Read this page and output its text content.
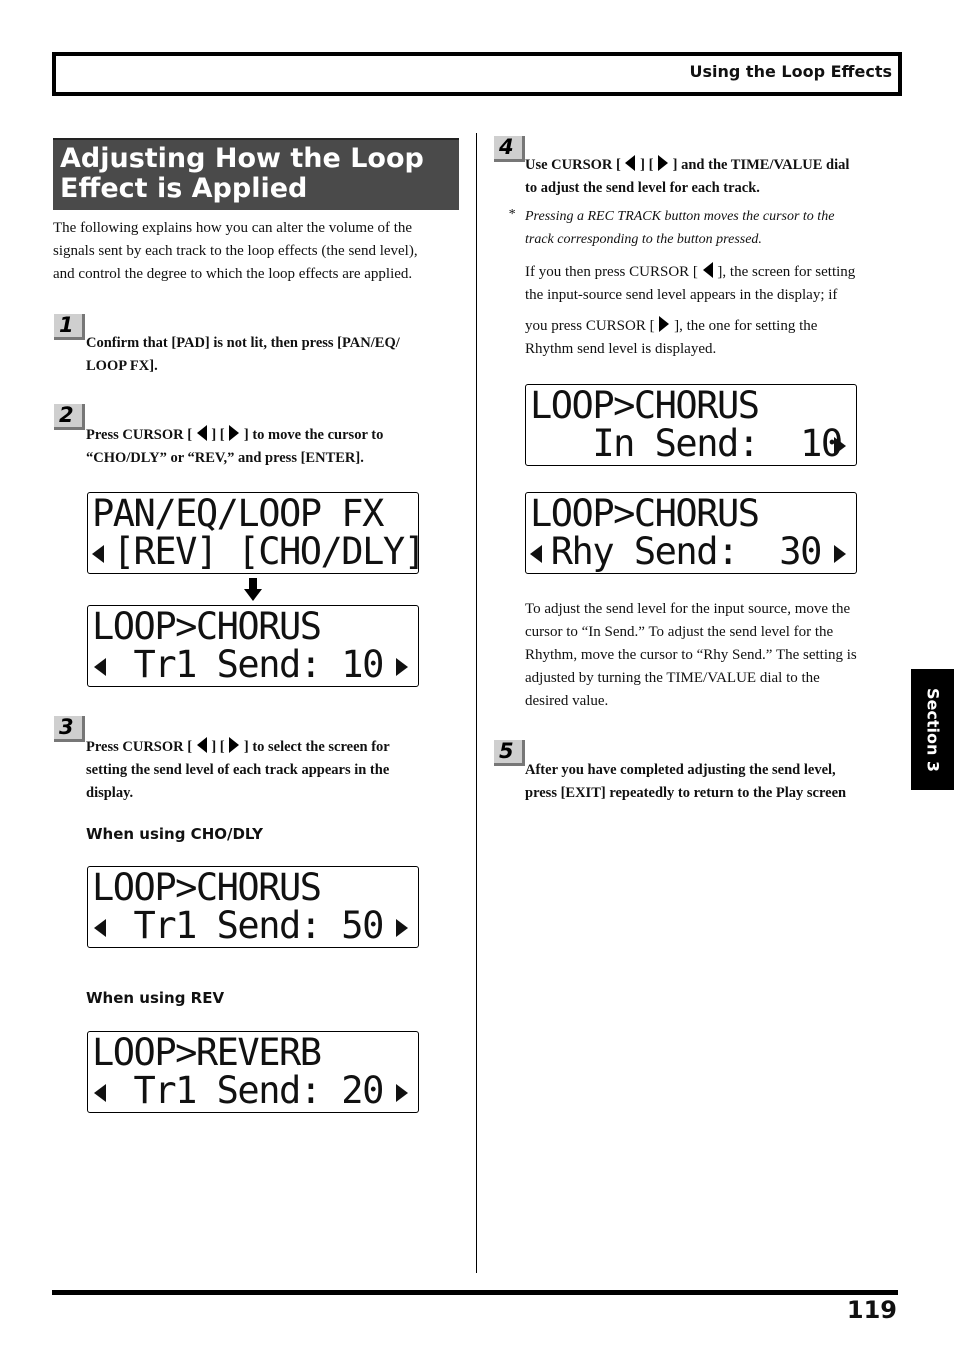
Using the Loop Effects
Adjusting How the Loop
Effect is Applied
The following explains how you can alter the volume of the
signals sent by each track to the loop effects (the send level),
and control the degree to which the loop effects are applied.
1
Confirm that [PAD] is not lit, then press [PAN/EQ/
LOOP FX].
2
Press CURSOR [ ] [ ] to move the cursor to
“CHO/DLY” or “REV,” and press [ENTER].
PAN/EQ/LOOP FX
[REV] [CHO/DLY]
LOOP>CHORUS
Tr1 Send: 10
3
Press CURSOR [ ] [ ] to select the screen for
setting the send level of each track appears in the
display.
When using CHO/DLY
LOOP>CHORUS
Tr1 Send: 50
When using REV
LOOP>REVERB
Tr1 Send: 20
4
Use CURSOR [ ] [ ] and the TIME/VALUE dial
to adjust the send level for each track.
* Pressing a REC TRACK button moves the cursor to the
track corresponding to the button pressed.
If you then press CURSOR [ ], the screen for setting
the input-source send level appears in the display; if
you press CURSOR [ ], the one for setting the
Rhythm send level is displayed.
LOOP>CHORUS
In Send:  10
LOOP>CHORUS
Rhy Send:  30
To adjust the send level for the input source, move the
cursor to “In Send.” To adjust the send level for the
Rhythm, move the cursor to “Rhy Send.” The setting is
adjusted by turning the TIME/VALUE dial to the
desired value.
5
After you have completed adjusting the send level,
press [EXIT] repeatedly to return to the Play screen
Section 3
119
